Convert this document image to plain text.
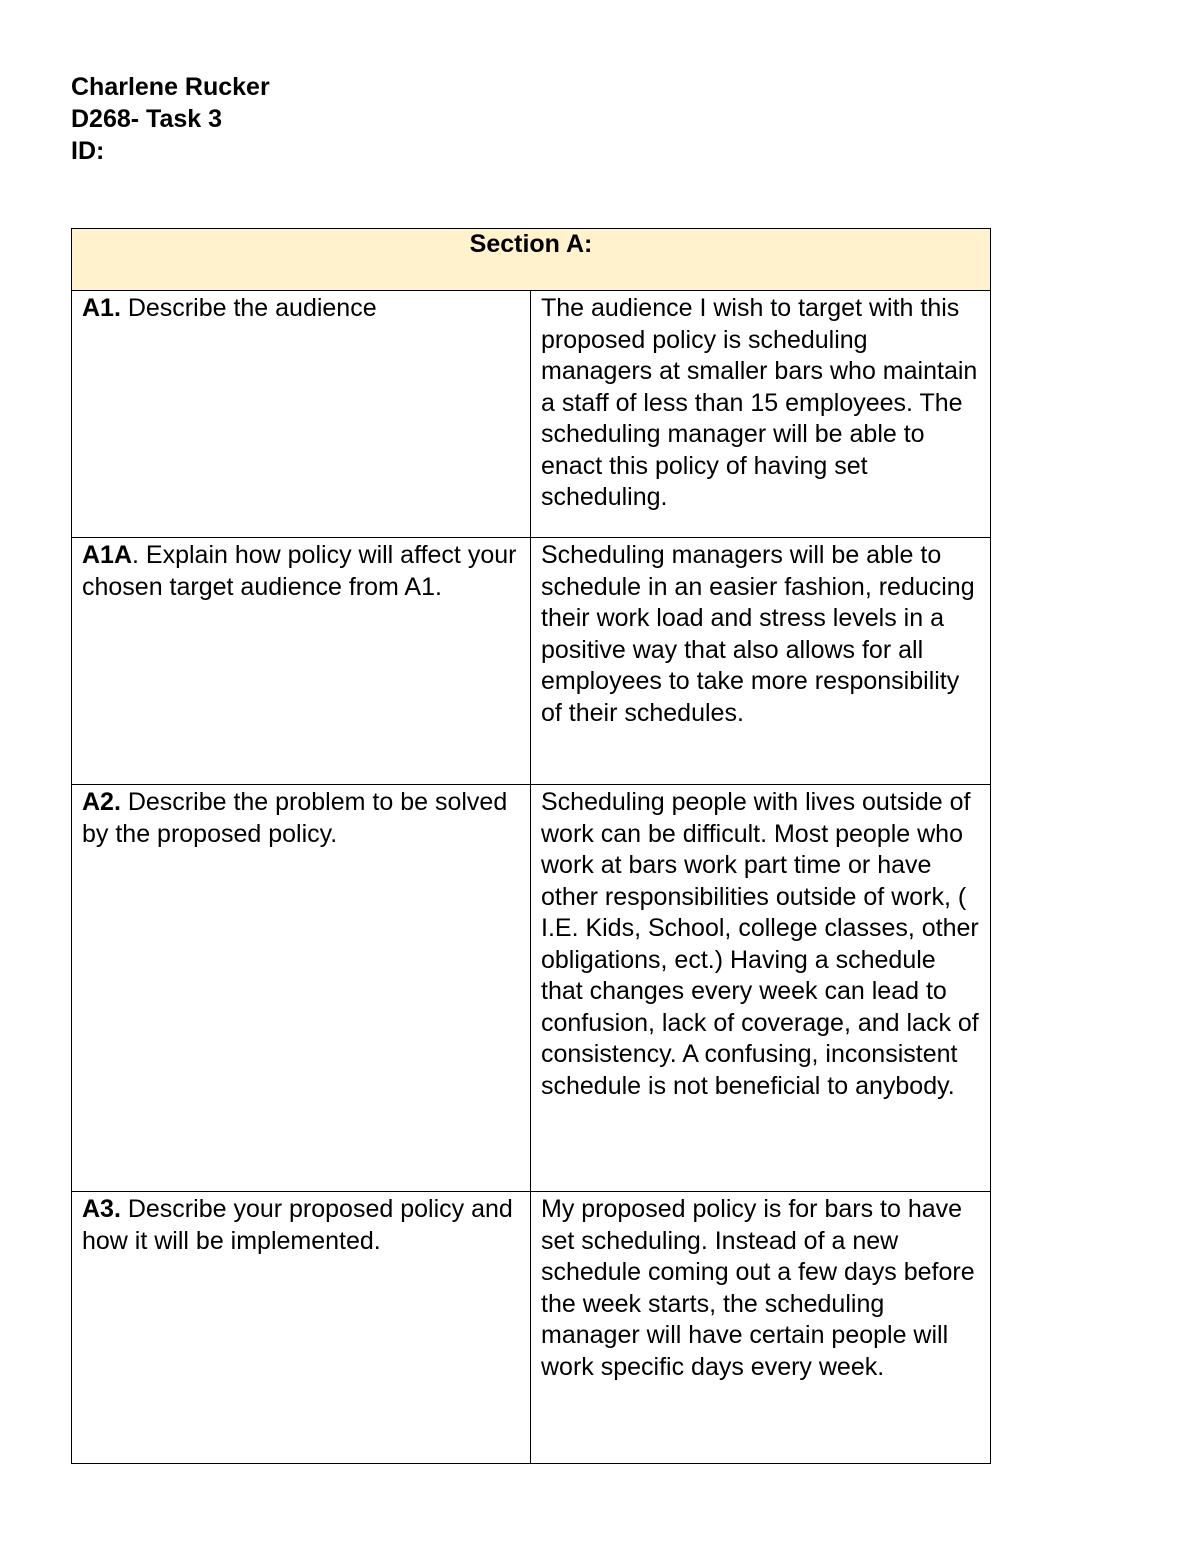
Charlene Rucker
D268- Task 3
ID:
Section A:	
A1. Describe the audience	The audience I wish to target with this proposed policy is scheduling managers at smaller bars who maintain a staff of less than 15 employees. The scheduling manager will be able to enact this policy of having set scheduling.
A1A. Explain how policy will affect your chosen target audience from A1.	Scheduling managers will be able to schedule in an easier fashion, reducing their work load and stress levels in a positive way that also allows for all employees to take more responsibility of their schedules.
A2. Describe the problem to be solved by the proposed policy.	Scheduling people with lives outside of work can be difficult. Most people who work at bars work part time or have other responsibilities outside of work, ( I.E. Kids, School, college classes, other obligations, ect.) Having a schedule that changes every week can lead to confusion, lack of coverage, and lack of consistency. A confusing, inconsistent schedule is not beneficial to anybody.
A3. Describe your proposed policy and how it will be implemented.	My proposed policy is for bars to have set scheduling. Instead of a new schedule coming out a few days before the week starts, the scheduling manager will have certain people will work specific days every week.
